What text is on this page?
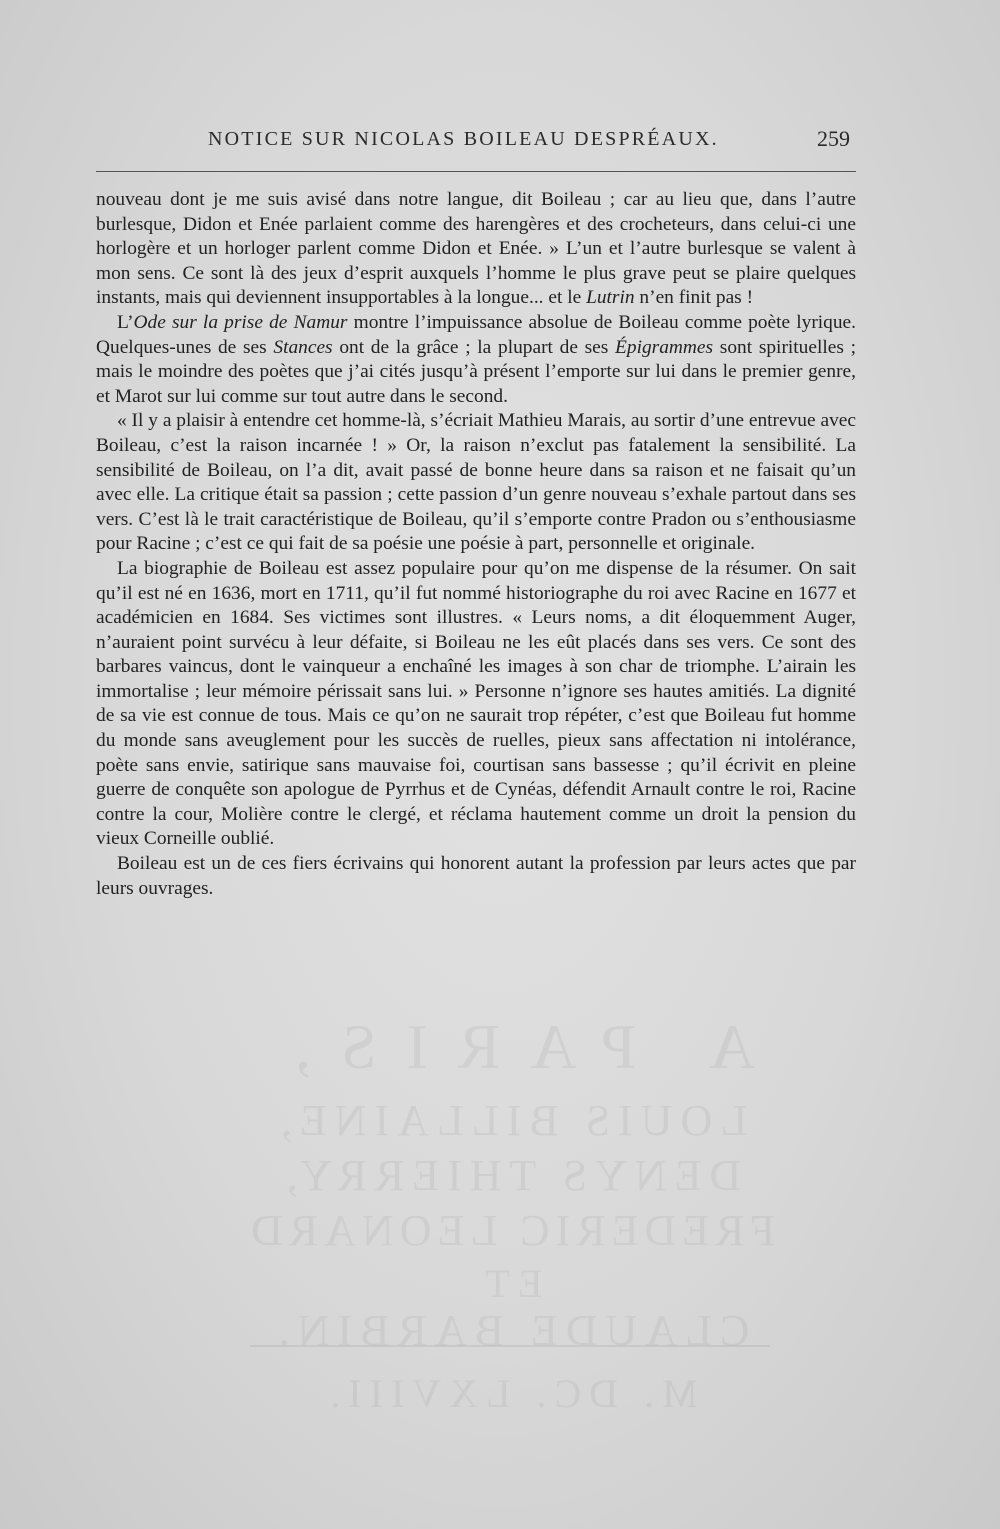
A PARIS,
LOUIS BILLAINE,
DENYS THIERRY,
FREDERIC LEONARD
ET
CLAUDE BARBIN.
M. DC. LXVIII.
NOTICE SUR NICOLAS BOILEAU DESPRÉAUX.	259

nouveau dont je me suis avisé dans notre langue, dit Boileau ; car au lieu que, dans l’autre burlesque, Didon et Enée parlaient comme des harengères et des crocheteurs, dans celui-ci une horlogère et un horloger parlent comme Didon et Enée. » L’un et l’autre burlesque se valent à mon sens. Ce sont là des jeux d’esprit auxquels l’homme le plus grave peut se plaire quelques instants, mais qui deviennent insupportables à la longue... et le Lutrin n’en finit pas !

L’Ode sur la prise de Namur montre l’impuissance absolue de Boileau comme poète lyrique. Quelques-unes de ses Stances ont de la grâce ; la plupart de ses Épigrammes sont spirituelles ; mais le moindre des poètes que j’ai cités jusqu’à présent l’emporte sur lui dans le premier genre, et Marot sur lui comme sur tout autre dans le second.

« Il y a plaisir à entendre cet homme-là, s’écriait Mathieu Marais, au sortir d’une entrevue avec Boileau, c’est la raison incarnée ! » Or, la raison n’exclut pas fatalement la sensibilité. La sensibilité de Boileau, on l’a dit, avait passé de bonne heure dans sa raison et ne faisait qu’un avec elle. La critique était sa passion ; cette passion d’un genre nouveau s’exhale partout dans ses vers. C’est là le trait caractéristique de Boileau, qu’il s’emporte contre Pradon ou s’enthousiasme pour Racine ; c’est ce qui fait de sa poésie une poésie à part, personnelle et originale.

La biographie de Boileau est assez populaire pour qu’on me dispense de la résumer. On sait qu’il est né en 1636, mort en 1711, qu’il fut nommé historiographe du roi avec Racine en 1677 et académicien en 1684. Ses victimes sont illustres. « Leurs noms, a dit éloquemment Auger, n’auraient point survécu à leur défaite, si Boileau ne les eût placés dans ses vers. Ce sont des barbares vaincus, dont le vainqueur a enchaîné les images à son char de triomphe. L’airain les immortalise ; leur mémoire périssait sans lui. » Personne n’ignore ses hautes amitiés. La dignité de sa vie est connue de tous. Mais ce qu’on ne saurait trop répéter, c’est que Boileau fut homme du monde sans aveuglement pour les succès de ruelles, pieux sans affectation ni intolérance, poète sans envie, satirique sans mauvaise foi, courtisan sans bassesse ; qu’il écrivit en pleine guerre de conquête son apologue de Pyrrhus et de Cynéas, défendit Arnault contre le roi, Racine contre la cour, Molière contre le clergé, et réclama hautement comme un droit la pension du vieux Corneille oublié.

Boileau est un de ces fiers écrivains qui honorent autant la profession par leurs actes que par leurs ouvrages.
